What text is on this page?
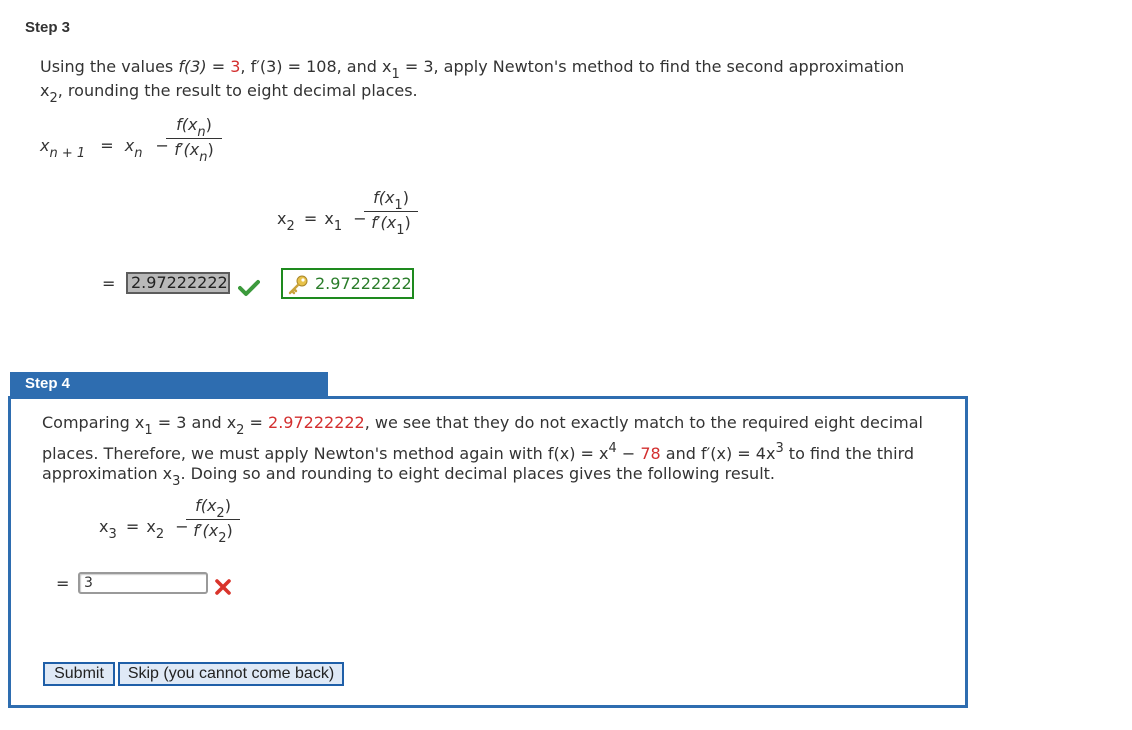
Step 3
Using the values f(3) = 3, f′(3) = 108, and $x_1 = 3$, apply Newton's method to find the second approximation
$x_2$, rounding the result to eight decimal places.
$x_{n + 1} = x_n$ −
$f(x_n)$
$f'(x_n)$
$x_2 = x_1$ −
$f(x_1)$
$f'(x_1)$
= 2.97222222	2.97222222
Step 4
Comparing $x_1 = 3$ and $x_2 = 2.97222222$, we see that they do not exactly match to the required eight decimal
places. Therefore, we must apply Newton's method again with $f(x) = x^4 - 78$ and $f'(x) = 4x^3$ to find the third
approximation $x_3$. Doing so and rounding to eight decimal places gives the following result.
$x_3 = x_2$ −
$f(x_2)$
$f'(x_2)$
=
3
Submit	Skip (you cannot come back)
